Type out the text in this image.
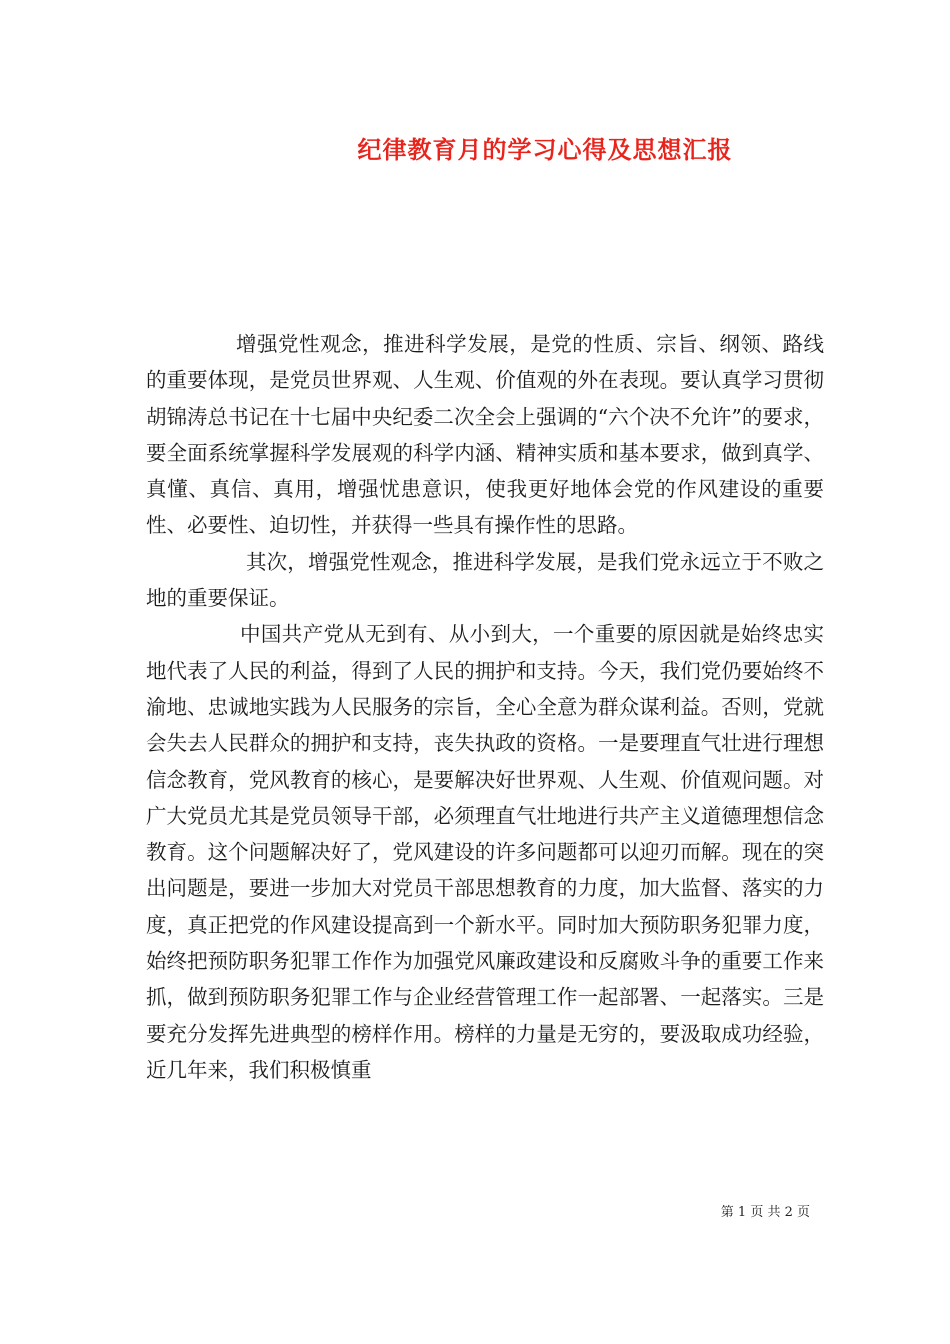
纪律教育月的学习心得及思想汇报

增强党性观念，推进科学发展，是党的性质、宗旨、纲领、路线的重要体现，是党员世界观、人生观、价值观的外在表现。要认真学习贯彻胡锦涛总书记在十七届中央纪委二次全会上强调的“六个决不允许”的要求，要全面系统掌握科学发展观的科学内涵、精神实质和基本要求，做到真学、真懂、真信、真用，增强忧患意识，使我更好地体会党的作风建设的重要性、必要性、迫切性，并获得一些具有操作性的思路。

其次，增强党性观念，推进科学发展，是我们党永远立于不败之地的重要保证。

中国共产党从无到有、从小到大，一个重要的原因就是始终忠实地代表了人民的利益，得到了人民的拥护和支持。今天，我们党仍要始终不渝地、忠诚地实践为人民服务的宗旨，全心全意为群众谋利益。否则，党就会失去人民群众的拥护和支持，丧失执政的资格。一是要理直气壮进行理想信念教育，党风教育的核心，是要解决好世界观、人生观、价值观问题。对广大党员尤其是党员领导干部，必须理直气壮地进行共产主义道德理想信念教育。这个问题解决好了，党风建设的许多问题都可以迎刃而解。现在的突出问题是，要进一步加大对党员干部思想教育的力度，加大监督、落实的力度，真正把党的作风建设提高到一个新水平。同时加大预防职务犯罪力度，始终把预防职务犯罪工作作为加强党风廉政建设和反腐败斗争的重要工作来抓，做到预防职务犯罪工作与企业经营管理工作一起部署、一起落实。三是要充分发挥先进典型的榜样作用。榜样的力量是无穷的，要汲取成功经验，近几年来，我们积极慎重

第 1 页 共 2 页
